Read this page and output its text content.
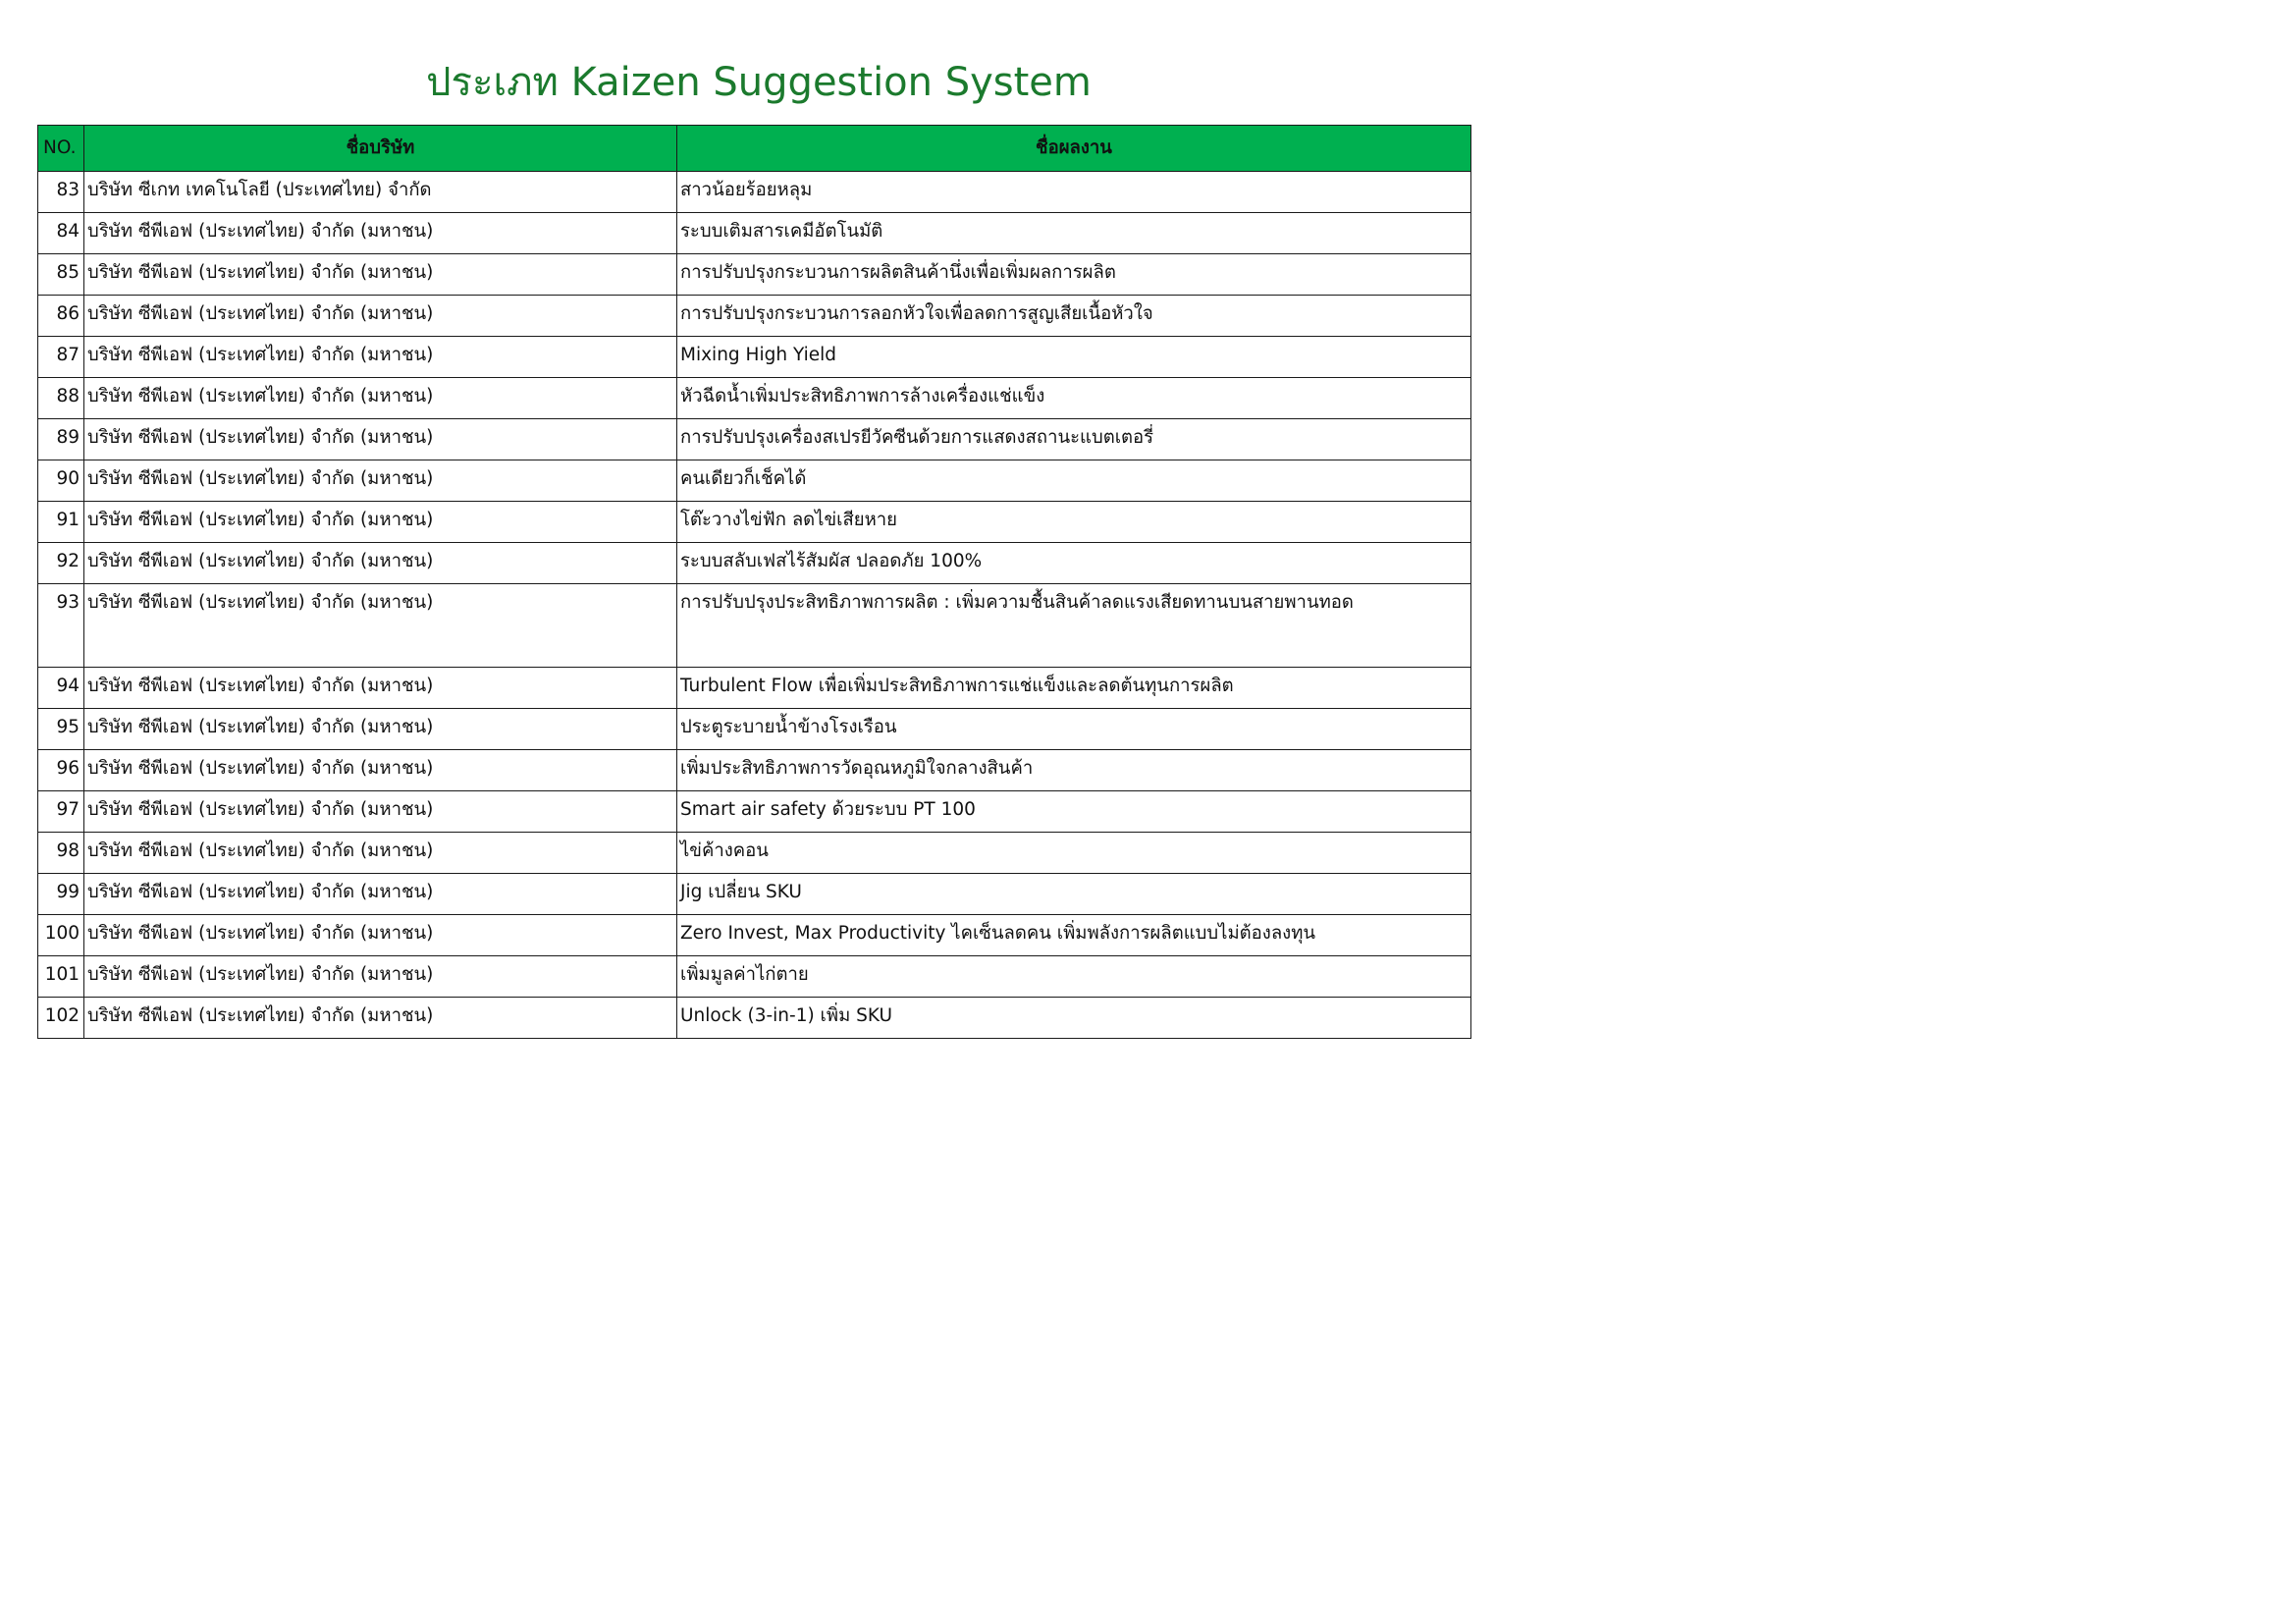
ประเภท Kaizen Suggestion System
NO.	ชื่อบริษัท	ชื่อผลงาน
83	บริษัท ซีเกท เทคโนโลยี (ประเทศไทย) จำกัด	สาวน้อยร้อยหลุม
84	บริษัท ซีพีเอฟ (ประเทศไทย) จำกัด (มหาชน)	ระบบเติมสารเคมีอัตโนมัติ
85	บริษัท ซีพีเอฟ (ประเทศไทย) จำกัด (มหาชน)	การปรับปรุงกระบวนการผลิตสินค้านึ่งเพื่อเพิ่มผลการผลิต
86	บริษัท ซีพีเอฟ (ประเทศไทย) จำกัด (มหาชน)	การปรับปรุงกระบวนการลอกหัวใจเพื่อลดการสูญเสียเนื้อหัวใจ
87	บริษัท ซีพีเอฟ (ประเทศไทย) จำกัด (มหาชน)	Mixing High Yield
88	บริษัท ซีพีเอฟ (ประเทศไทย) จำกัด (มหาชน)	หัวฉีดน้ำเพิ่มประสิทธิภาพการล้างเครื่องแช่แข็ง
89	บริษัท ซีพีเอฟ (ประเทศไทย) จำกัด (มหาชน)	การปรับปรุงเครื่องสเปรยีวัคซีนด้วยการแสดงสถานะแบตเตอรี่
90	บริษัท ซีพีเอฟ (ประเทศไทย) จำกัด (มหาชน)	คนเดียวก็เช็คได้
91	บริษัท ซีพีเอฟ (ประเทศไทย) จำกัด (มหาชน)	โต๊ะวางไข่ฟัก ลดไข่เสียหาย
92	บริษัท ซีพีเอฟ (ประเทศไทย) จำกัด (มหาชน)	ระบบสลับเฟสไร้สัมผัส ปลอดภัย 100%
93	บริษัท ซีพีเอฟ (ประเทศไทย) จำกัด (มหาชน)	การปรับปรุงประสิทธิภาพการผลิต : เพิ่มความชื้นสินค้าลดแรงเสียดทานบนสายพานทอด
94	บริษัท ซีพีเอฟ (ประเทศไทย) จำกัด (มหาชน)	Turbulent Flow เพื่อเพิ่มประสิทธิภาพการแช่แข็งและลดต้นทุนการผลิต
95	บริษัท ซีพีเอฟ (ประเทศไทย) จำกัด (มหาชน)	ประตูระบายน้ำข้างโรงเรือน
96	บริษัท ซีพีเอฟ (ประเทศไทย) จำกัด (มหาชน)	เพิ่มประสิทธิภาพการวัดอุณหภูมิใจกลางสินค้า
97	บริษัท ซีพีเอฟ (ประเทศไทย) จำกัด (มหาชน)	Smart air safety ด้วยระบบ PT 100
98	บริษัท ซีพีเอฟ (ประเทศไทย) จำกัด (มหาชน)	ไข่ค้างคอน
99	บริษัท ซีพีเอฟ (ประเทศไทย) จำกัด (มหาชน)	Jig เปลี่ยน SKU
100	บริษัท ซีพีเอฟ (ประเทศไทย) จำกัด (มหาชน)	Zero Invest, Max Productivity ไคเซ็นลดคน เพิ่มพลังการผลิตแบบไม่ต้องลงทุน
101	บริษัท ซีพีเอฟ (ประเทศไทย) จำกัด (มหาชน)	เพิ่มมูลค่าไก่ตาย
102	บริษัท ซีพีเอฟ (ประเทศไทย) จำกัด (มหาชน)	Unlock (3-in-1) เพิ่ม SKU
